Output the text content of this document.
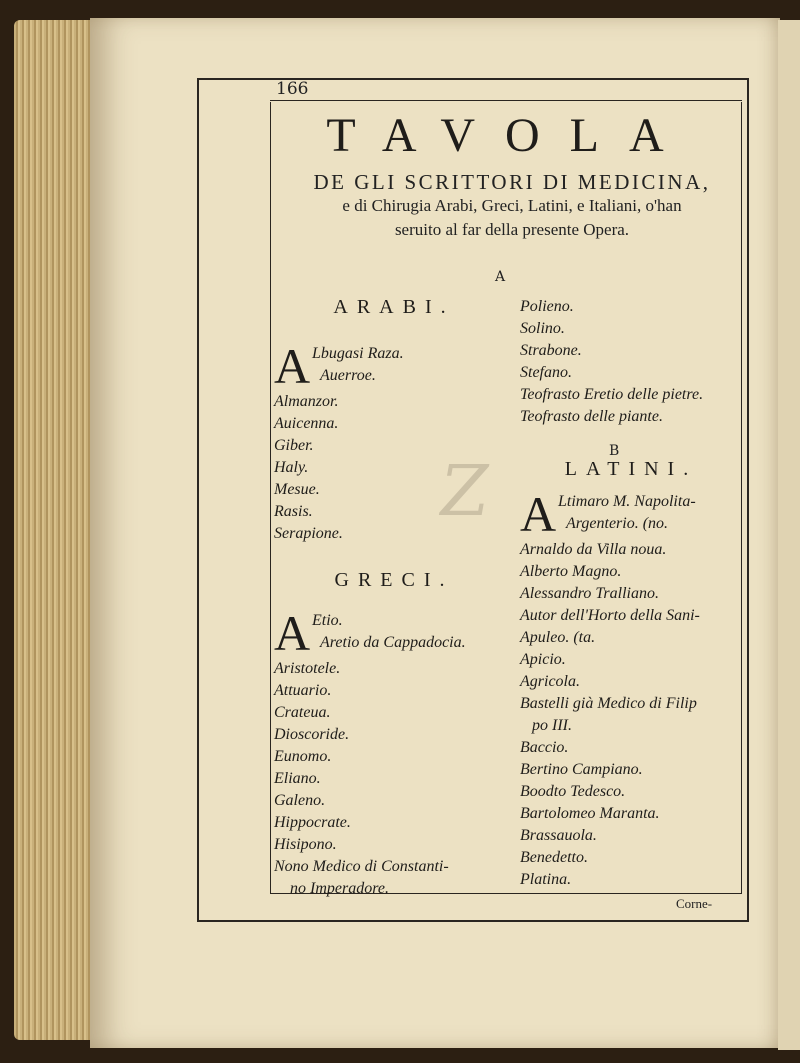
Z
166
TAVOLA
DE GLI SCRITTORI DI MEDICINA,
e di Chirugia Arabi, Greci, Latini, e Italiani, o'han
seruito al far della presente Opera.
A
B

ARABI.

A Lbugasi Raza.
Auerroe.
Almanzor.
Auicenna.
Giber.
Haly.
Mesue.
Rasis.
Serapione.

GRECI.

A Etio.
Aretio da Cappadocia.
Aristotele.
Attuario.
Crateua.
Dioscoride.
Eunomo.
Eliano.
Galeno.
Hippocrate.
Hisipono.
Nono Medico di Constanti-
no Imperadore.
Polieno.
Solino.
Strabone.
Stefano.
Teofrasto Eretio delle pietre.
Teofrasto delle piante.

LATINI.

A Ltimaro M. Napolita-
Argenterio. (no.
Arnaldo da Villa noua.
Alberto Magno.
Alessandro Tralliano.
Autor dell'Horto della Sani-
Apuleo. (ta.
Apicio.
Agricola.
Bastelli già Medico di Filip
po III.
Baccio.
Bertino Campiano.
Boodto Tedesco.
Bartolomeo Maranta.
Brassauola.
Benedetto.
Platina.
Corne-
